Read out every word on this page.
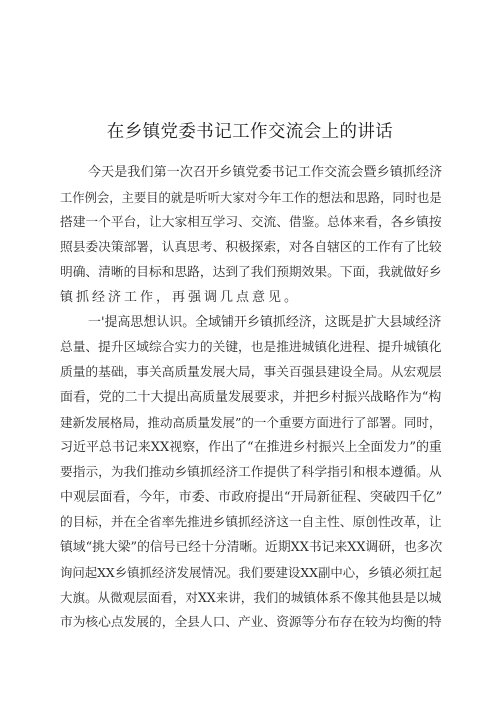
在乡镇党委书记工作交流会上的讲话
今天是我们第一次召开乡镇党委书记工作交流会暨乡镇抓经济
工作例会，主要目的就是听听大家对今年工作的想法和思路，同时也是
搭建一个平台，让大家相互学习、交流、借鉴。总体来看，各乡镇按
照县委决策部署，认真思考、积极探索，对各自辖区的工作有了比较
明确、清晰的目标和思路，达到了我们预期效果。下面，我就做好乡
镇抓经济工作，再强调几点意见。
一'提高思想认识。全域铺开乡镇抓经济，这既是扩大县域经济
总量、提升区域综合实力的关键，也是推进城镇化进程、提升城镇化
质量的基础，事关高质量发展大局，事关百强县建设全局。从宏观层
面看，党的二十大提出高质量发展要求，并把乡村振兴战略作为“构
建新发展格局，推动高质量发展”的一个重要方面进行了部署。同时，
习近平总书记来XX视察，作出了“在推进乡村振兴上全面发力”的重
要指示，为我们推动乡镇抓经济工作提供了科学指引和根本遵循。从
中观层面看，今年，市委、市政府提出“开局新征程、突破四千亿”
的目标，并在全省率先推进乡镇抓经济这一自主性、原创性改革，让
镇域“挑大梁”的信号已经十分清晰。近期XX书记来XX调研，也多次
询问起XX乡镇抓经济发展情况。我们要建设XX副中心，乡镇必须扛起
大旗。从微观层面看，对XX来讲，我们的城镇体系不像其他县是以城
市为核心点发展的，全县人口、产业、资源等分布存在较为均衡的特
